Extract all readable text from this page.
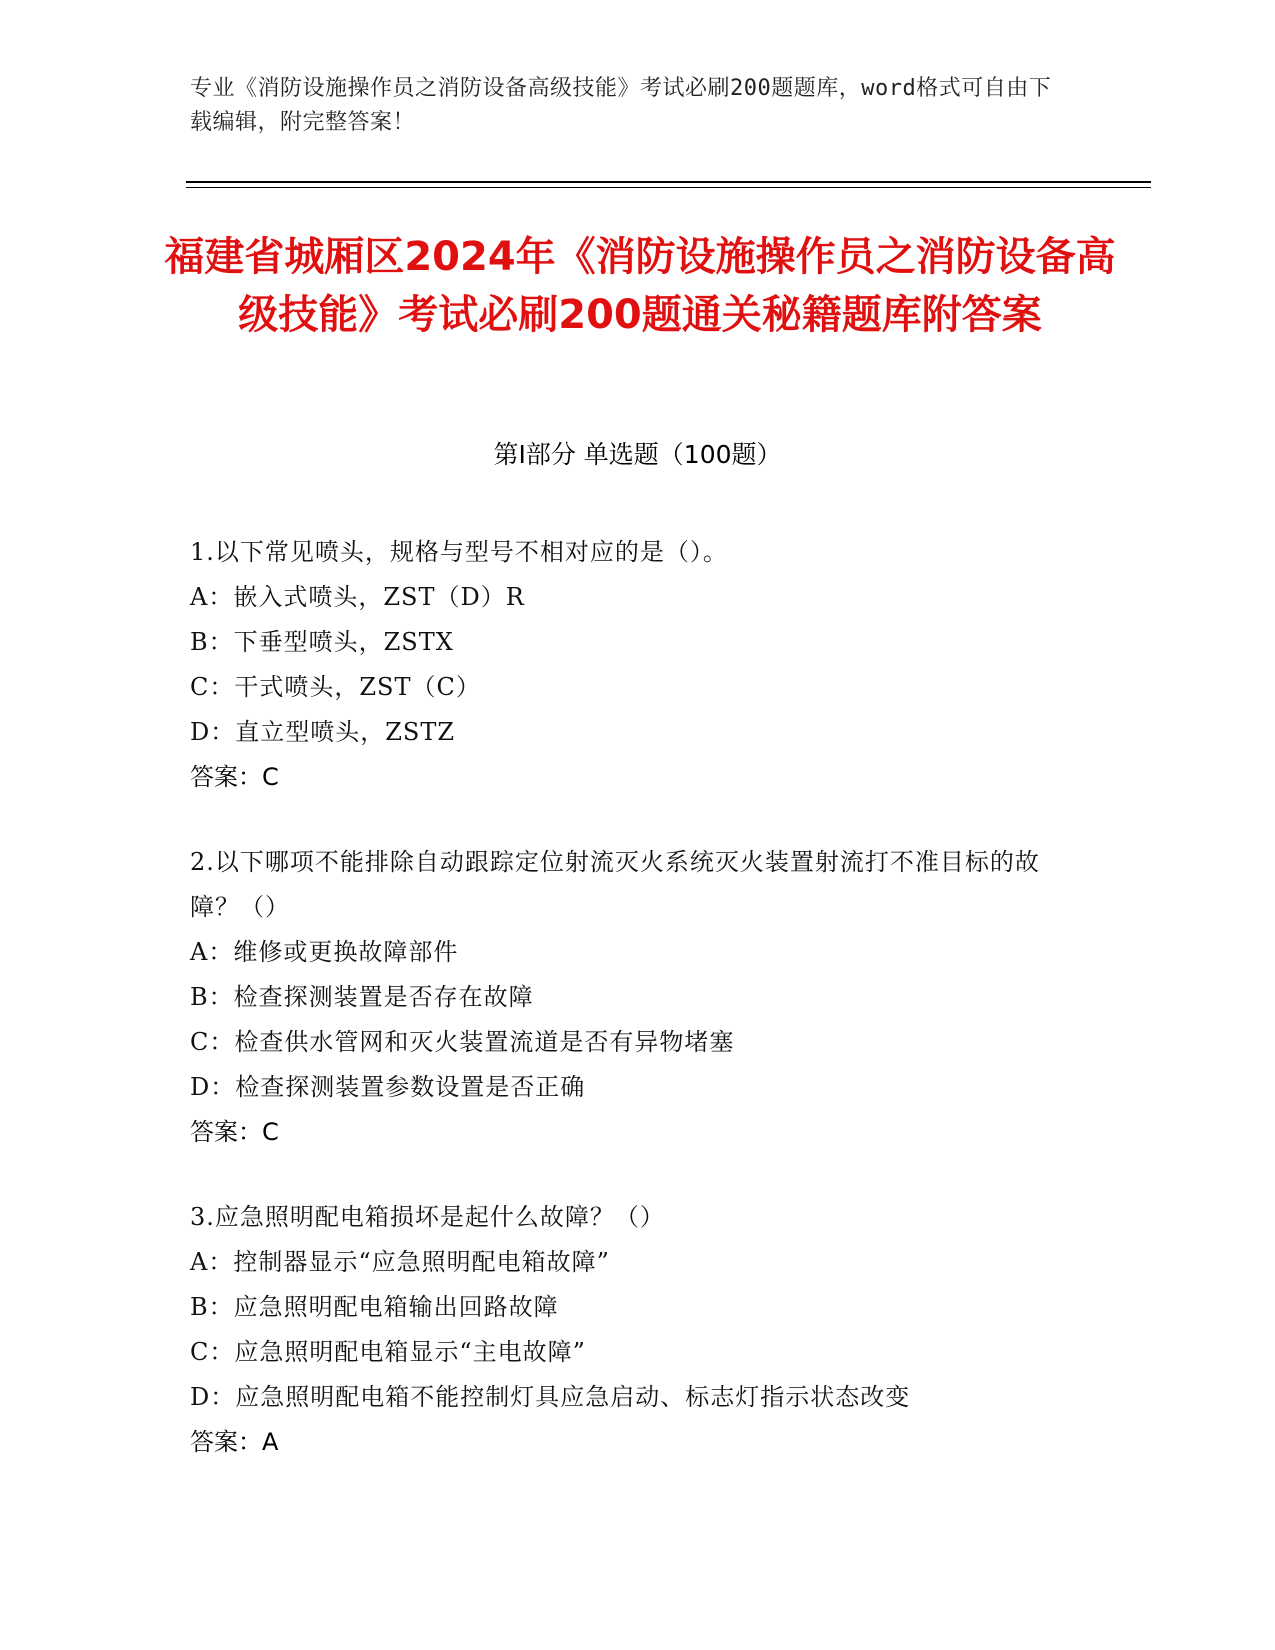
专业《消防设施操作员之消防设备高级技能》考试必刷200题题库，word格式可自由下载编辑，附完整答案！
福建省城厢区2024年《消防设施操作员之消防设备高级技能》考试必刷200题通关秘籍题库附答案
第Ⅰ部分 单选题（100题）
1.以下常见喷头，规格与型号不相对应的是（）。
A：嵌入式喷头，ZST（D）R
B：下垂型喷头，ZSTX
C：干式喷头，ZST（C）
D：直立型喷头，ZSTZ
答案：C
2.以下哪项不能排除自动跟踪定位射流灭火系统灭火装置射流打不准目标的故障？（）
A：维修或更换故障部件
B：检查探测装置是否存在故障
C：检查供水管网和灭火装置流道是否有异物堵塞
D：检查探测装置参数设置是否正确
答案：C
3.应急照明配电箱损坏是起什么故障？（）
A：控制器显示“应急照明配电箱故障”
B：应急照明配电箱输出回路故障
C：应急照明配电箱显示“主电故障”
D：应急照明配电箱不能控制灯具应急启动、标志灯指示状态改变
答案：A
